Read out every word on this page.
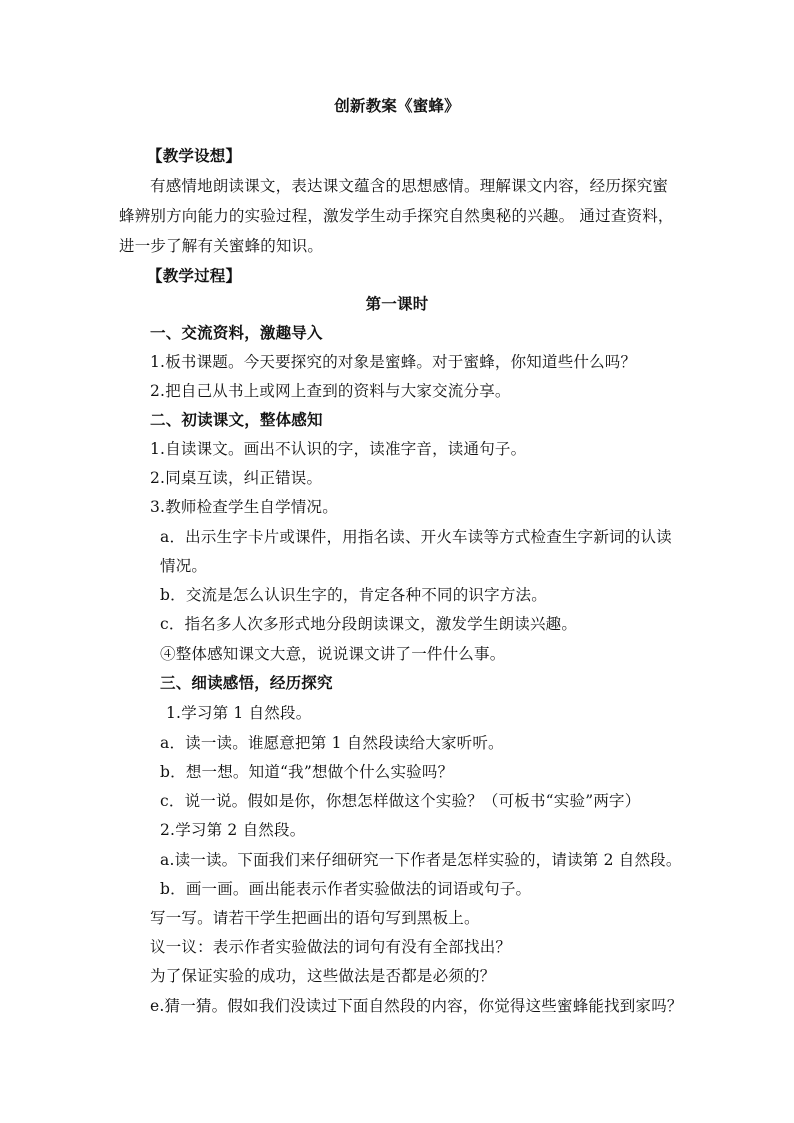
创新教案《蜜蜂》
【教学设想】
有感情地朗读课文，表达课文蕴含的思想感情。理解课文内容，经历探究蜜
蜂辨别方向能力的实验过程，激发学生动手探究自然奥秘的兴趣。 通过查资料，
进一步了解有关蜜蜂的知识。
【教学过程】
第一课时
一、交流资料，激趣导入
1.板书课题。今天要探究的对象是蜜蜂。对于蜜蜂，你知道些什么吗？
2.把自己从书上或网上查到的资料与大家交流分享。
二、初读课文，整体感知
1.自读课文。画出不认识的字，读准字音，读通句子。
2.同桌互读，纠正错误。
3.教师检查学生自学情况。
a．出示生字卡片或课件，用指名读、开火车读等方式检查生字新词的认读
情况。
b．交流是怎么认识生字的，肯定各种不同的识字方法。
c．指名多人次多形式地分段朗读课文，激发学生朗读兴趣。
④整体感知课文大意，说说课文讲了一件什么事。
三、细读感悟，经历探究
1.学习第 1 自然段。
a．读一读。谁愿意把第 1 自然段读给大家听听。
b．想一想。知道“我”想做个什么实验吗？
c．说一说。假如是你，你想怎样做这个实验？（可板书“实验”两字）
2.学习第 2 自然段。
a.读一读。下面我们来仔细研究一下作者是怎样实验的，请读第 2 自然段。
b．画一画。画出能表示作者实验做法的词语或句子。
写一写。请若干学生把画出的语句写到黑板上。
议一议：表示作者实验做法的词句有没有全部找出？
为了保证实验的成功，这些做法是否都是必须的？
e.猜一猜。假如我们没读过下面自然段的内容，你觉得这些蜜蜂能找到家吗？
